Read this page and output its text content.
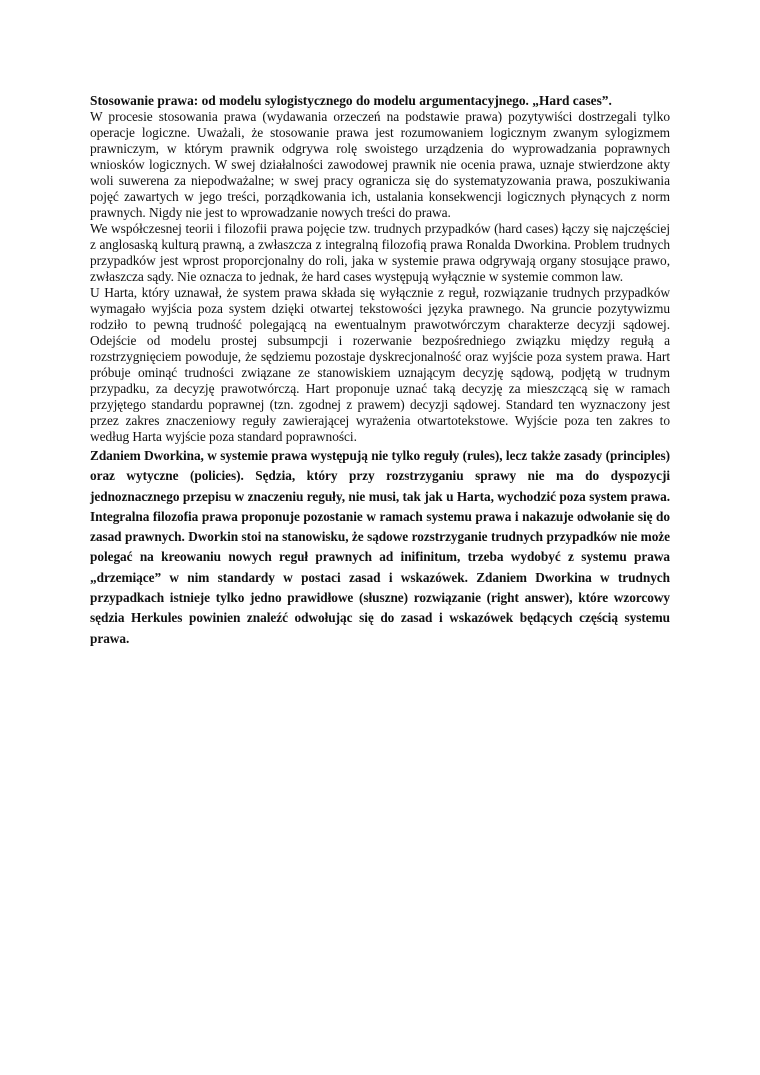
Stosowanie prawa: od modelu sylogistycznego do modelu argumentacyjnego. „Hard cases”.

W procesie stosowania prawa (wydawania orzeczeń na podstawie prawa) pozytywiści dostrzegali tylko operacje logiczne. Uważali, że stosowanie prawa jest rozumowaniem logicznym zwanym sylogizmem prawniczym, w którym prawnik odgrywa rolę swoistego urządzenia do wyprowadzania poprawnych wniosków logicznych. W swej działalności zawodowej prawnik nie ocenia prawa, uznaje stwierdzone akty woli suwerena za niepodważalne; w swej pracy ogranicza się do systematyzowania prawa, poszukiwania pojęć zawartych w jego treści, porządkowania ich, ustalania konsekwencji logicznych płynących z norm prawnych. Nigdy nie jest to wprowadzanie nowych treści do prawa.

We współczesnej teorii i filozofii prawa pojęcie tzw. trudnych przypadków (hard cases) łączy się najczęściej z anglosaską kulturą prawną, a zwłaszcza z integralną filozofią prawa Ronalda Dworkina. Problem trudnych przypadków jest wprost proporcjonalny do roli, jaka w systemie prawa odgrywają organy stosujące prawo, zwłaszcza sądy. Nie oznacza to jednak, że hard cases występują wyłącznie w systemie common law.

U Harta, który uznawał, że system prawa składa się wyłącznie z reguł, rozwiązanie trudnych przypadków wymagało wyjścia poza system dzięki otwartej tekstowości języka prawnego. Na gruncie pozytywizmu rodziło to pewną trudność polegającą na ewentualnym prawotwórczym charakterze decyzji sądowej. Odejście od modelu prostej subsumpcji i rozerwanie bezpośredniego związku między regułą a rozstrzygnięciem powoduje, że sędziemu pozostaje dyskrecjonalność oraz wyjście poza system prawa. Hart próbuje ominąć trudności związane ze stanowiskiem uznającym decyzję sądową, podjętą w trudnym przypadku, za decyzję prawotwórczą. Hart proponuje uznać taką decyzję za mieszczącą się w ramach przyjętego standardu poprawnej (tzn. zgodnej z prawem) decyzji sądowej. Standard ten wyznaczony jest przez zakres znaczeniowy reguły zawierającej wyrażenia otwartotekstowe. Wyjście poza ten zakres to według Harta wyjście poza standard poprawności.

Zdaniem Dworkina, w systemie prawa występują nie tylko reguły (rules), lecz także zasady (principles) oraz wytyczne (policies). Sędzia, który przy rozstrzyganiu sprawy nie ma do dyspozycji jednoznacznego przepisu w znaczeniu reguły, nie musi, tak jak u Harta, wychodzić poza system prawa. Integralna filozofia prawa proponuje pozostanie w ramach systemu prawa i nakazuje odwołanie się do zasad prawnych. Dworkin stoi na stanowisku, że sądowe rozstrzyganie trudnych przypadków nie może polegać na kreowaniu nowych reguł prawnych ad inifinitum, trzeba wydobyć z systemu prawa „drzemiące” w nim standardy w postaci zasad i wskazówek. Zdaniem Dworkina w trudnych przypadkach istnieje tylko jedno prawidłowe (słuszne) rozwiązanie (right answer), które wzorcowy sędzia Herkules powinien znaleźć odwołując się do zasad i wskazówek będących częścią systemu prawa.
